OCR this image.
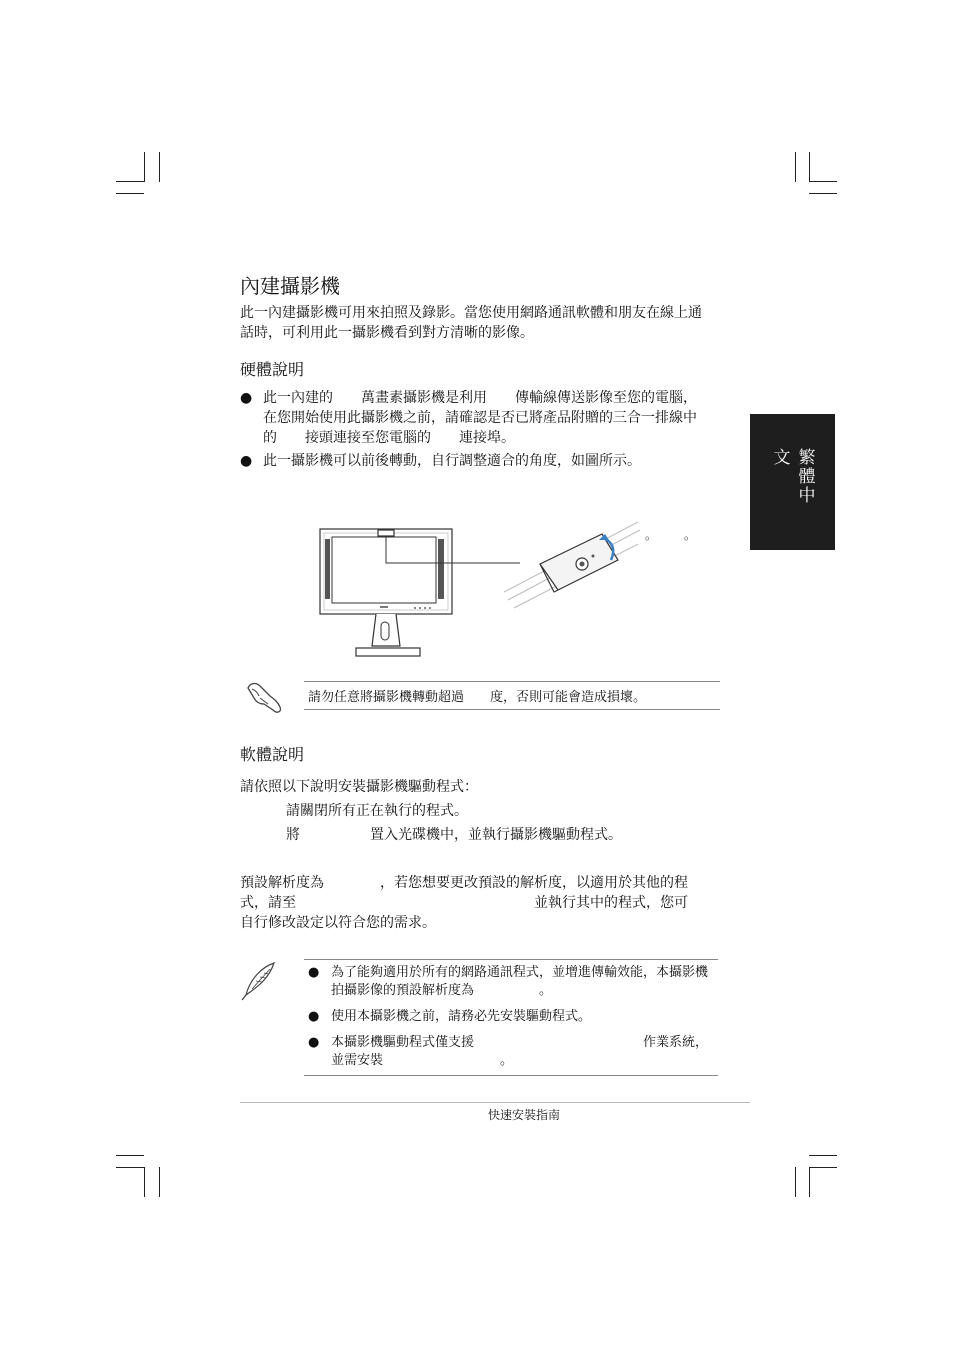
繁體中文
內建攝影機
此一內建攝影機可用來拍照及錄影。當您使用網路通訊軟體和朋友在線上通話時，可利用此一攝影機看到對方清晰的影像。
硬體說明
● 此一內建的　　萬畫素攝影機是利用　　傳輸線傳送影像至您的電腦，
在您開始使用此攝影機之前，請確認是否已將產品附贈的三合一排線中
的　　接頭連接至您電腦的　　連接埠。
● 此一攝影機可以前後轉動，自行調整適合的角度，如圖所示。
。 。
請勿任意將攝影機轉動超過　　度，否則可能會造成損壞。
軟體說明
請依照以下說明安裝攝影機驅動程式：
請關閉所有正在執行的程式。
將　　　　　置入光碟機中，並執行攝影機驅動程式。
預設解析度為　　　　，若您想要更改預設的解析度，以適用於其他的程
式，請至　　　　　　　　　　　　　　　　　並執行其中的程式，您可
自行修改設定以符合您的需求。
● 為了能夠適用於所有的網路通訊程式，並增進傳輸效能，本攝影機
拍攝影像的預設解析度為　　　　　。
● 使用本攝影機之前，請務必先安裝驅動程式。
● 本攝影機驅動程式僅支援　　　　　　　　　　　　　作業系統，
並需安裝　　　　　　　　　。
快速安裝指南
